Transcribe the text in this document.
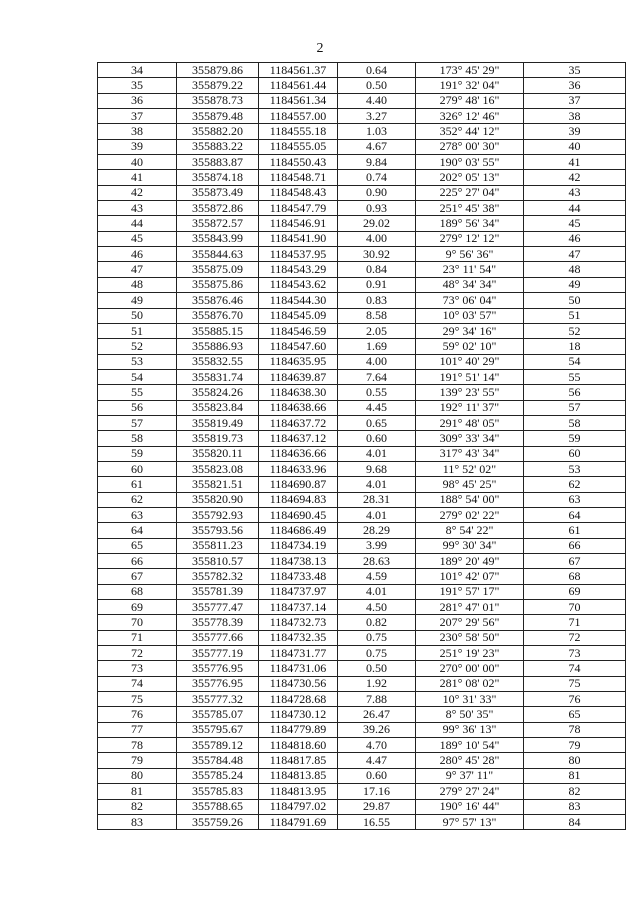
2
34	355879.86	1184561.37	0.64	173° 45' 29"	35
35	355879.22	1184561.44	0.50	191° 32' 04"	36
36	355878.73	1184561.34	4.40	279° 48' 16"	37
37	355879.48	1184557.00	3.27	326° 12' 46"	38
38	355882.20	1184555.18	1.03	352° 44' 12"	39
39	355883.22	1184555.05	4.67	278° 00' 30"	40
40	355883.87	1184550.43	9.84	190° 03' 55"	41
41	355874.18	1184548.71	0.74	202° 05' 13"	42
42	355873.49	1184548.43	0.90	225° 27' 04"	43
43	355872.86	1184547.79	0.93	251° 45' 38"	44
44	355872.57	1184546.91	29.02	189° 56' 34"	45
45	355843.99	1184541.90	4.00	279° 12' 12"	46
46	355844.63	1184537.95	30.92	9° 56' 36"	47
47	355875.09	1184543.29	0.84	23° 11' 54"	48
48	355875.86	1184543.62	0.91	48° 34' 34"	49
49	355876.46	1184544.30	0.83	73° 06' 04"	50
50	355876.70	1184545.09	8.58	10° 03' 57"	51
51	355885.15	1184546.59	2.05	29° 34' 16"	52
52	355886.93	1184547.60	1.69	59° 02' 10"	18
53	355832.55	1184635.95	4.00	101° 40' 29"	54
54	355831.74	1184639.87	7.64	191° 51' 14"	55
55	355824.26	1184638.30	0.55	139° 23' 55"	56
56	355823.84	1184638.66	4.45	192° 11' 37"	57
57	355819.49	1184637.72	0.65	291° 48' 05"	58
58	355819.73	1184637.12	0.60	309° 33' 34"	59
59	355820.11	1184636.66	4.01	317° 43' 34"	60
60	355823.08	1184633.96	9.68	11° 52' 02"	53
61	355821.51	1184690.87	4.01	98° 45' 25"	62
62	355820.90	1184694.83	28.31	188° 54' 00"	63
63	355792.93	1184690.45	4.01	279° 02' 22"	64
64	355793.56	1184686.49	28.29	8° 54' 22"	61
65	355811.23	1184734.19	3.99	99° 30' 34"	66
66	355810.57	1184738.13	28.63	189° 20' 49"	67
67	355782.32	1184733.48	4.59	101° 42' 07"	68
68	355781.39	1184737.97	4.01	191° 57' 17"	69
69	355777.47	1184737.14	4.50	281° 47' 01"	70
70	355778.39	1184732.73	0.82	207° 29' 56"	71
71	355777.66	1184732.35	0.75	230° 58' 50"	72
72	355777.19	1184731.77	0.75	251° 19' 23"	73
73	355776.95	1184731.06	0.50	270° 00' 00"	74
74	355776.95	1184730.56	1.92	281° 08' 02"	75
75	355777.32	1184728.68	7.88	10° 31' 33"	76
76	355785.07	1184730.12	26.47	8° 50' 35"	65
77	355795.67	1184779.89	39.26	99° 36' 13"	78
78	355789.12	1184818.60	4.70	189° 10' 54"	79
79	355784.48	1184817.85	4.47	280° 45' 28"	80
80	355785.24	1184813.85	0.60	9° 37' 11"	81
81	355785.83	1184813.95	17.16	279° 27' 24"	82
82	355788.65	1184797.02	29.87	190° 16' 44"	83
83	355759.26	1184791.69	16.55	97° 57' 13"	84
